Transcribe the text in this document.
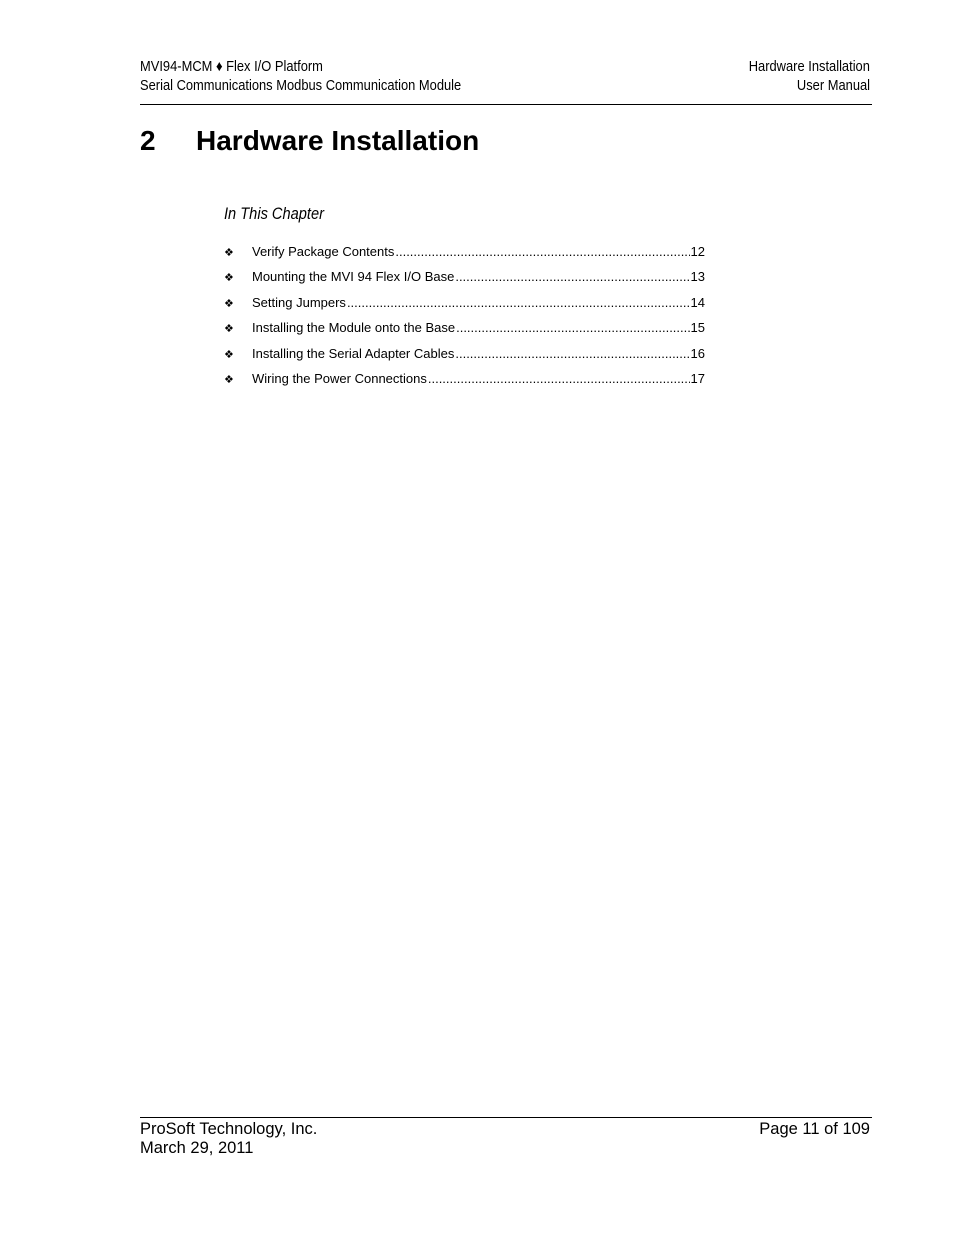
MVI94-MCM ♦ Flex I/O Platform
Serial Communications Modbus Communication Module
Hardware Installation
User Manual
2 Hardware Installation
In This Chapter
❖	Verify Package Contents .....	12
❖	Mounting the MVI 94 Flex I/O Base .....	13
❖	Setting Jumpers .....	14
❖	Installing the Module onto the Base .....	15
❖	Installing the Serial Adapter Cables .....	16
❖	Wiring the Power Connections .....	17
ProSoft Technology, Inc.
March 29, 2011
Page 11 of 109
